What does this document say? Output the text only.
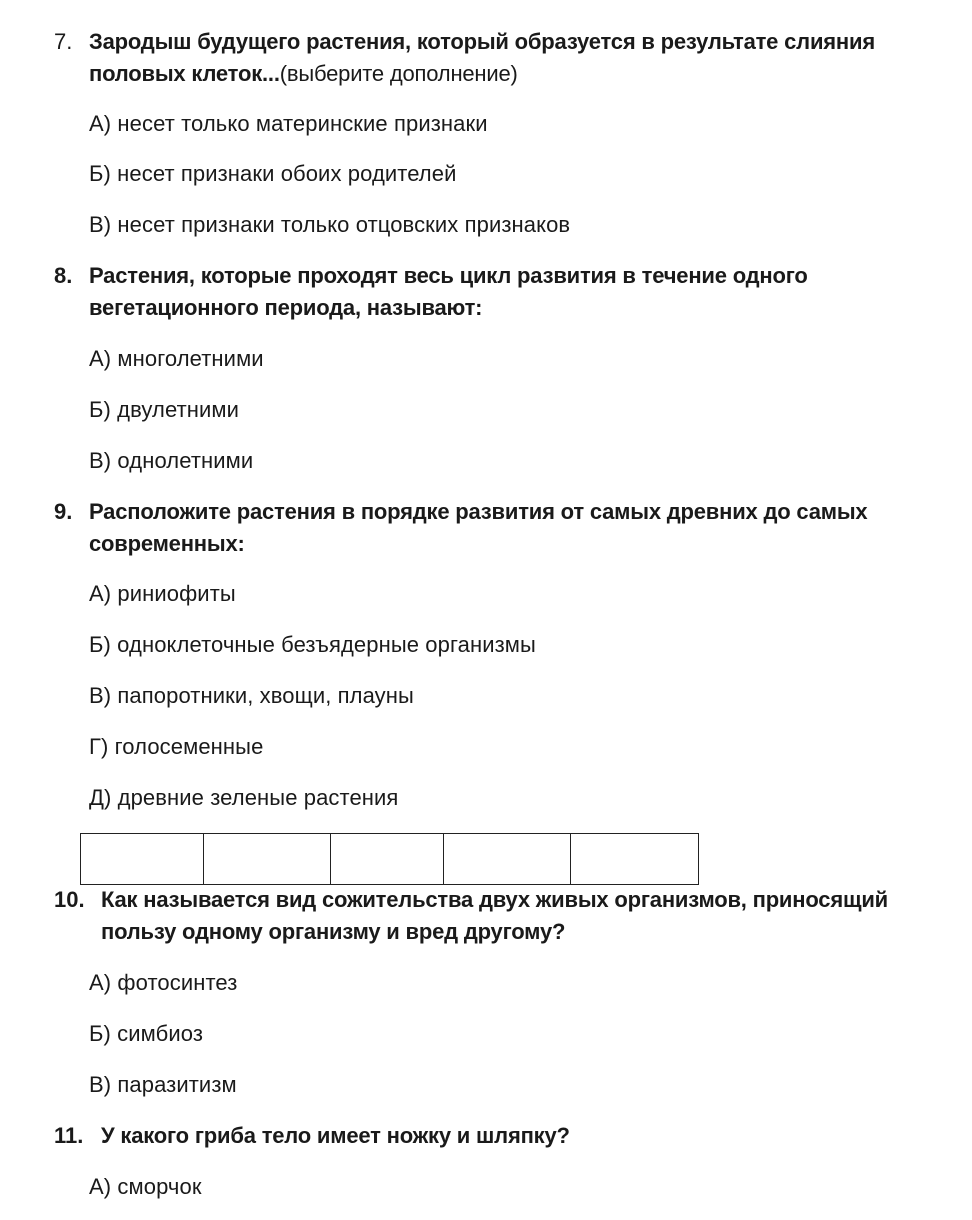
7. Зародыш будущего растения, который образуется в результате слияния половых клеток...(выберите дополнение)
А) несет только материнские признаки
Б) несет признаки обоих родителей
В) несет признаки только отцовских признаков
8. Растения, которые проходят весь цикл развития в течение одного вегетационного периода, называют:
А) многолетними
Б) двулетними
В) однолетними
9. Расположите растения в порядке развития от самых древних до самых современных:
А) риниофиты
Б) одноклеточные безъядерные организмы
В) папоротники, хвощи, плауны
Г) голосеменные
Д) древние зеленые растения
10. Как называется вид сожительства двух живых организмов, приносящий пользу одному организму и вред другому?
А) фотосинтез
Б) симбиоз
В) паразитизм
11. У какого гриба тело имеет ножку и шляпку?
А) сморчок
